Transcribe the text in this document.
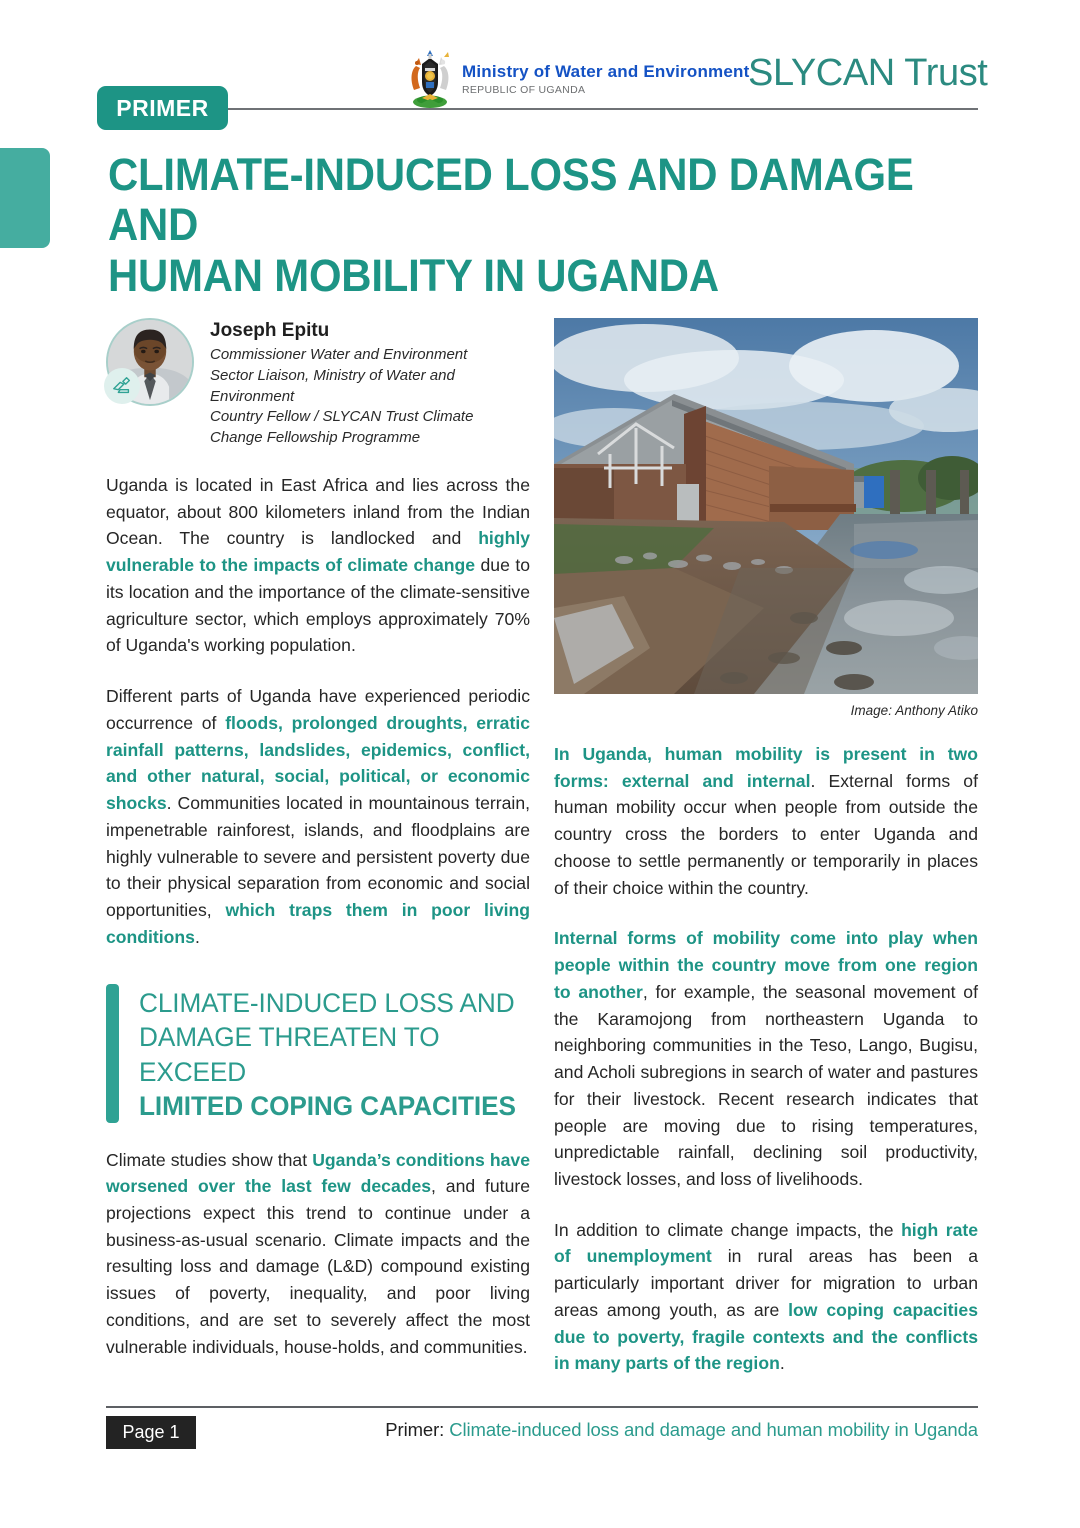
PRIMER
Ministry of Water and Environment
REPUBLIC OF UGANDA	SLYCAN Trust
CLIMATE-INDUCED LOSS AND DAMAGE AND
HUMAN MOBILITY IN UGANDA
Joseph Epitu
Commissioner Water and Environment
Sector Liaison, Ministry of Water and
Environment
Country Fellow / SLYCAN Trust Climate
Change Fellowship Programme

Uganda is located in East Africa and lies across the equator, about 800 kilometers inland from the Indian Ocean. The country is landlocked and highly vulnerable to the impacts of climate change due to its location and the importance of the climate-sensitive agriculture sector, which employs approximately 70% of Uganda's working population.

Different parts of Uganda have experienced periodic occurrence of floods, prolonged droughts, erratic rainfall patterns, landslides, epidemics, conflict, and other natural, social, political, or economic shocks. Communities located in mountainous terrain, impenetrable rainforest, islands, and floodplains are highly vulnerable to severe and persistent poverty due to their physical separation from economic and social opportunities, which traps them in poor living conditions.

CLIMATE-INDUCED LOSS AND DAMAGE THREATEN TO EXCEED
LIMITED COPING CAPACITIES

Climate studies show that Uganda’s conditions have worsened over the last few decades, and future projections expect this trend to continue under a business-as-usual scenario. Climate impacts and the resulting loss and damage (L&D) compound existing issues of poverty, inequality, and poor living conditions, and are set to severely affect the most vulnerable individuals, house-holds, and communities.

Image: Anthony Atiko

In Uganda, human mobility is present in two forms: external and internal. External forms of human mobility occur when people from outside the country cross the borders to enter Uganda and choose to settle permanently or temporarily in places of their choice within the country.

Internal forms of mobility come into play when people within the country move from one region to another, for example, the seasonal movement of the Karamojong from northeastern Uganda to neighboring communities in the Teso, Lango, Bugisu, and Acholi subregions in search of water and pastures for their livestock. Recent research indicates that people are moving due to rising temperatures, unpredictable rainfall, declining soil productivity, livestock losses, and loss of livelihoods.

In addition to climate change impacts, the high rate of unemployment in rural areas has been a particularly important driver for migration to urban areas among youth, as are low coping capacities due to poverty, fragile contexts and the conflicts in many parts of the region.

Page 1	Primer: Climate-induced loss and damage and human mobility in Uganda
